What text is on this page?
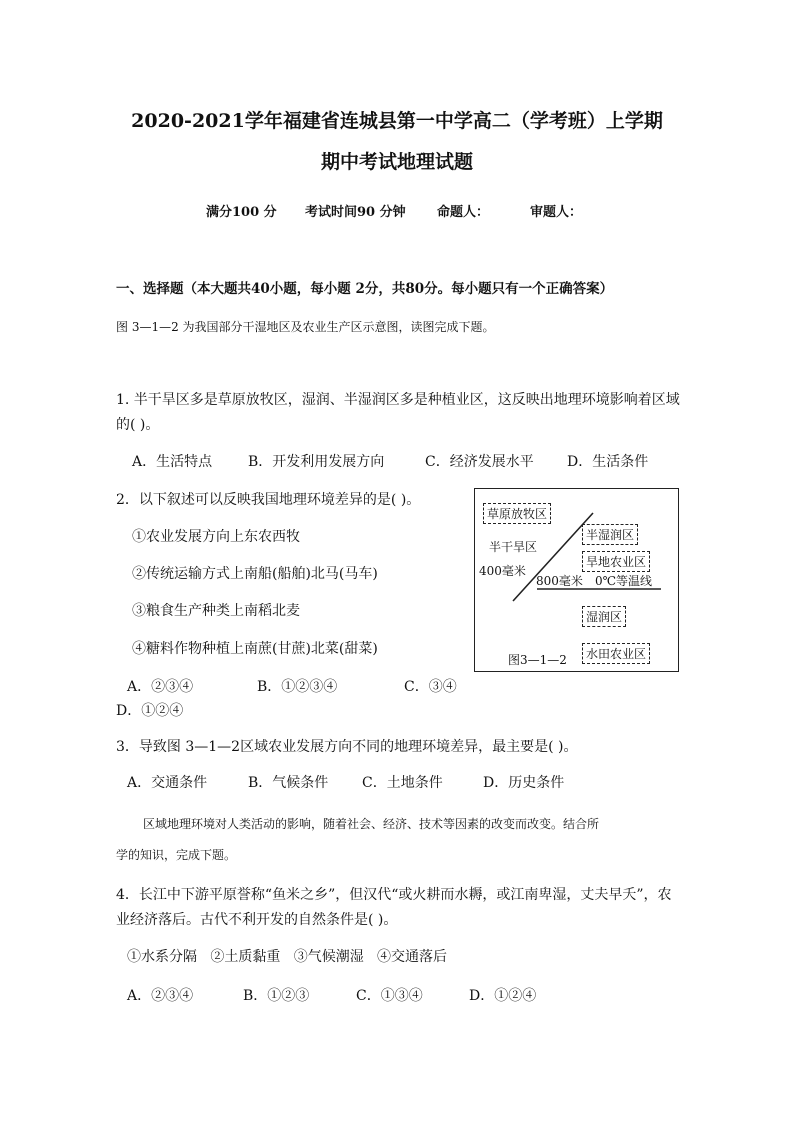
2020-2021学年福建省连城县第一中学高二（学考班）上学期
期中考试地理试题
满分100 分 考试时间90 分钟 命题人：	审题人：
一、选择题（本大题共40小题，每小题 2分，共80分。每小题只有一个正确答案）
图 3—1—2 为我国部分干湿地区及农业生产区示意图，读图完成下题。
1. 半干旱区多是草原放牧区，湿润、半湿润区多是种植业区，这反映出地理环境影响着区域
的( )。
A．生活特点	B．开发利用发展方向	C．经济发展水平 D．生活条件
2．以下叙述可以反映我国地理环境差异的是( )。
①农业发展方向上东农西牧
②传统运输方式上南船(船舶)北马(马车)
③粮食生产种类上南稻北麦
④糖料作物种植上南蔗(甘蔗)北菜(甜菜)
A．②③④	B．①②③④	C．③④
D．①②④
草原放牧区
半干旱区
半湿润区
旱地农业区
400毫米
800毫米 0℃等温线
湿润区
水田农业区
图3—1—2
3．导致图 3—1—2区域农业发展方向不同的地理环境差异，最主要是( )。
A．交通条件	B．气候条件 C．土地条件	D．历史条件
区域地理环境对人类活动的影响，随着社会、经济、技术等因素的改变而改变。结合所
学的知识，完成下题。
4．长江中下游平原誉称“鱼米之乡”，但汉代“或火耕而水耨，或江南卑湿，丈夫早夭”，农
业经济落后。古代不利开发的自然条件是( )。
①水系分隔   ②土质黏重   ③气候潮湿   ④交通落后
A．②③④	B．①②③	C．①③④	D．①②④
